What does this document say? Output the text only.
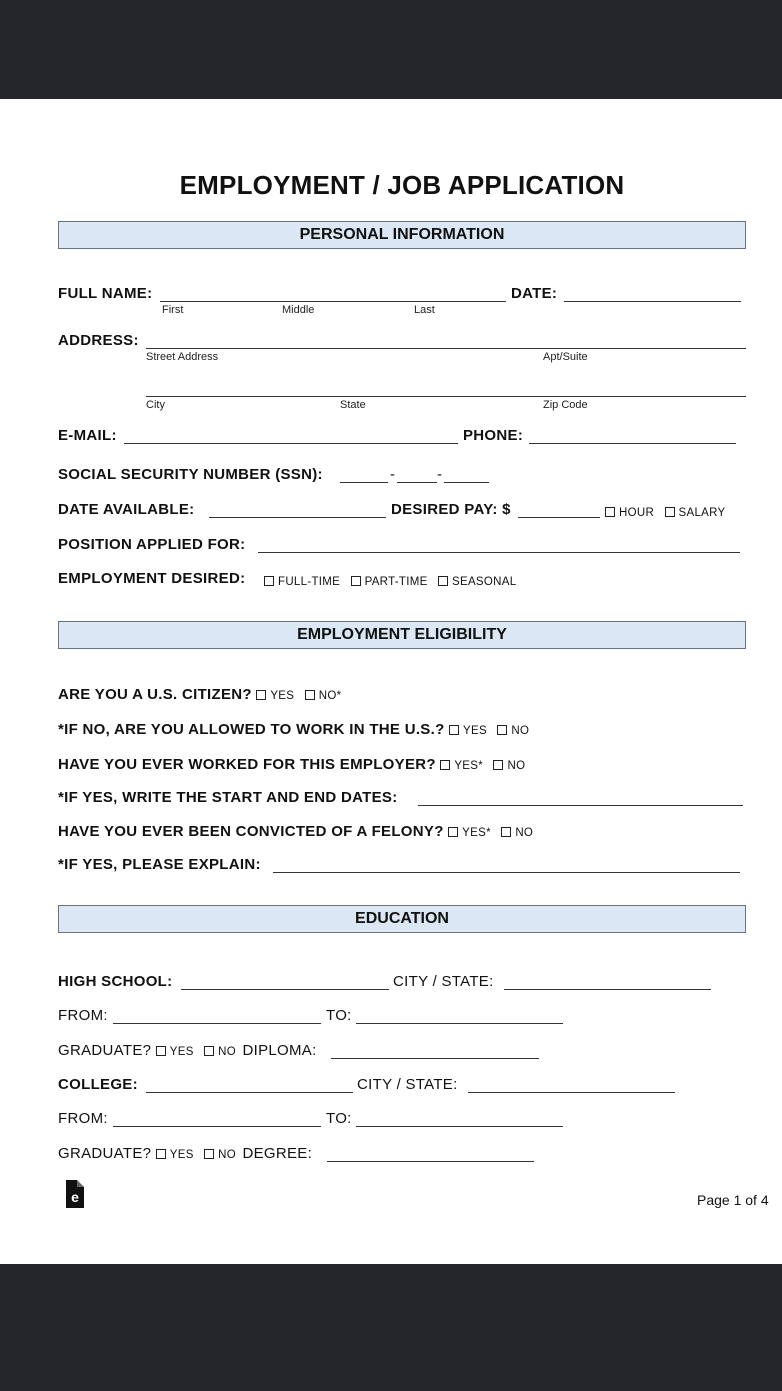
EMPLOYMENT / JOB APPLICATION
PERSONAL INFORMATION
FULL NAME:
First	Middle	Last
DATE:
ADDRESS:
Street Address	Apt/Suite
City	State	Zip Code
E-MAIL:	PHONE:
SOCIAL SECURITY NUMBER (SSN):	-	-
DATE AVAILABLE:	DESIRED PAY: $	HOUR SALARY
POSITION APPLIED FOR:
EMPLOYMENT DESIRED:	FULL-TIME PART-TIME SEASONAL
EMPLOYMENT ELIGIBILITY
ARE YOU A U.S. CITIZEN? YES NO*
*IF NO, ARE YOU ALLOWED TO WORK IN THE U.S.? YES NO
HAVE YOU EVER WORKED FOR THIS EMPLOYER? YES* NO
*IF YES, WRITE THE START AND END DATES:
HAVE YOU EVER BEEN CONVICTED OF A FELONY? YES* NO
*IF YES, PLEASE EXPLAIN:
EDUCATION
HIGH SCHOOL:	CITY / STATE:
FROM:	TO:
GRADUATE? YES NO DIPLOMA:
COLLEGE:	CITY / STATE:
FROM:	TO:
GRADUATE? YES NO DEGREE:
e	Page 1 of 4
